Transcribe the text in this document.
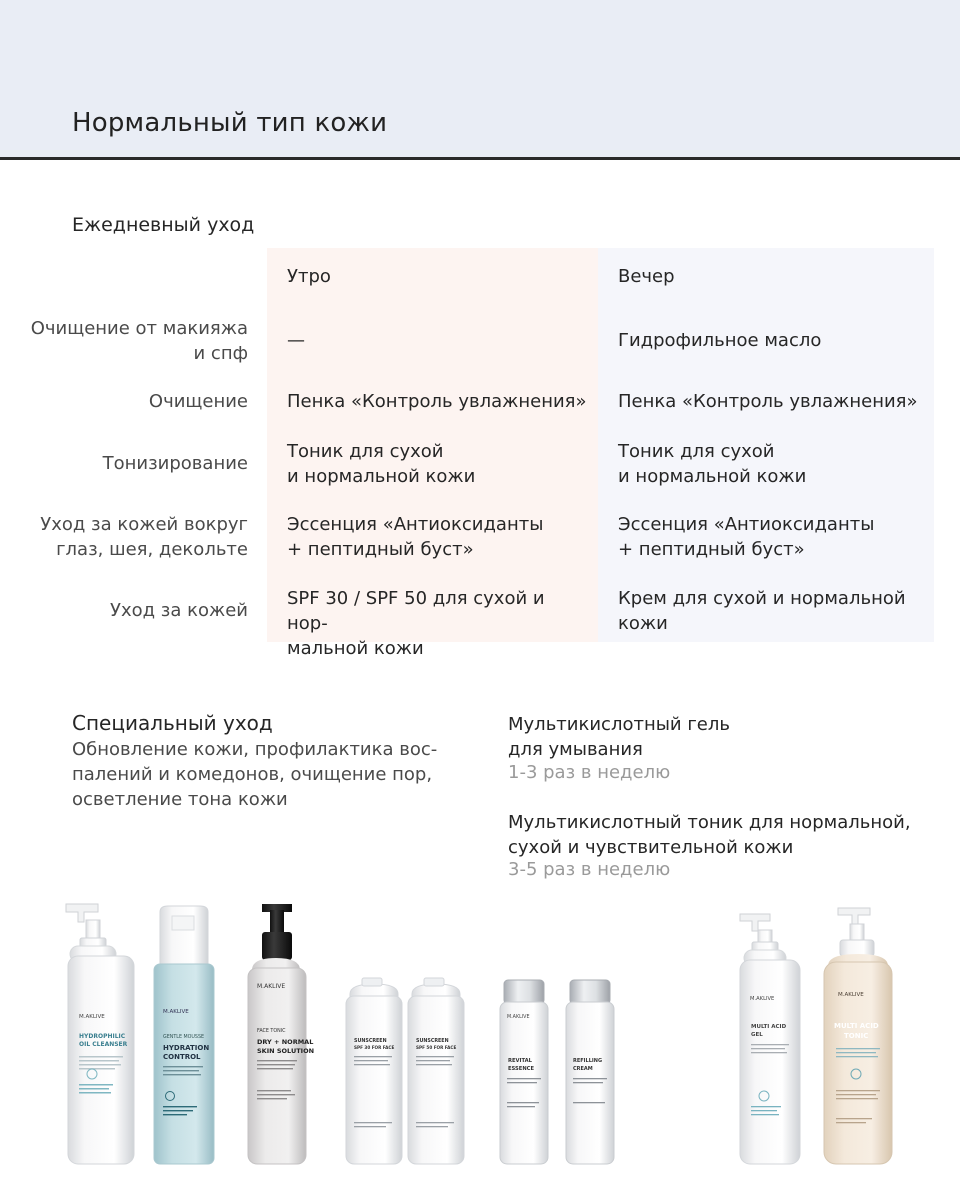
Нормальный тип кожи
Ежедневный уход
Утро	Вечер
Очищение от макияжа
и спф
—	Гидрофильное масло
Очищение Пенка «Контроль увлажнения» Пенка «Контроль увлажнения»
Тонизирование
Тоник для сухой
и нормальной кожи
Тоник для сухой
и нормальной кожи
Уход за кожей вокруг
глаз, шея, декольте
Эссенция «Антиоксиданты
+ пептидный буст»
Эссенция «Антиоксиданты
+ пептидный буст»
Уход за кожей
SPF 30 / SPF 50 для сухой и нор-
мальной кожи
Крем для сухой и нормальной
кожи
Специальный уход
Обновление кожи, профилактика вос-
палений и комедонов, очищение пор,
осветление тона кожи
Мультикислотный гель
для умывания
1-3 раз в неделю
Мультикислотный тоник для нормальной,
сухой и чувствительной кожи
3-5 раз в неделю
M.AKLIVE
HYDROPHILIC
OIL CLEANSER
M.AKLIVE
GENTLE MOUSSE
HYDRATION
CONTROL
M.AKLIVE
FACE TONIC
DRY + NORMAL
SKIN SOLUTION
SUNSCREEN
SPF 30 FOR FACE
SUNSCREEN
SPF 50 FOR FACE
M.AKLIVE
REVITAL
ESSENCE
REFILLING
CREAM
M.AKLIVE
MULTI ACID
GEL
M.AKLIVE
MULTI ACID
TONIC
